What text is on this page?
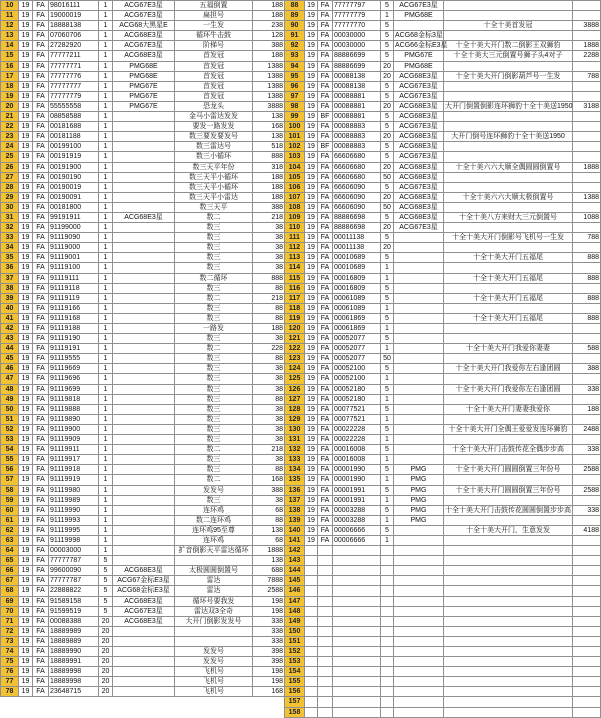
10	19	FA	98016111	1	ACG67E3星	五福倒置	188
11	19	FA	19000019	1	ACG67E3星	扁担号	188
12	19	FA	18888138	1	ACG68大黑星E	一生发	238
13	19	FA	07060706	1	ACG68E3星	循环牛击鼓	128
14	19	FA	27282920	1	ACG67E3星	阶梯号	388
15	19	FA	77777211	1	ACG68E3星	首发冠	188
16	19	FA	77777771	1	PMG68E	首发冠	1388
17	19	FA	77777776	1	PMG68E	首发冠	1388
18	19	FA	77777777	1	PMG67E	首发冠	1388
19	19	FA	77777779	1	PMG67E	首发冠	1388
20	19	FA	55555558	1	PMG67E	恐龙头	3888
21	19	FA	08858588	1		金马小雷达发发	138
22	19	FA	00181688	1		要发一路发发	168
23	19	FA	00181188	1		数三要发要发号	138
24	19	FA	00199100	1		数三雷达号	518
25	19	FA	00191919	1		数三小循环	888
26	19	FA	00191900	1		数三天平年份	318
27	19	FA	00190190	1		数三天平小循环	188
28	19	FA	00190019	1		数三天平小循环	188
29	19	FA	00190091	1		数三天平小雷达	188
30	19	FA	00181800	1		数三天平	388
31	19	FA	99191911	1	ACG68E3星	数二	218
32	19	FA	91199000	1		数三	38
33	19	FA	91119090	1		数三	38
34	19	FA	91119000	1		数三	38
35	19	FA	91119001	1		数三	38
36	19	FA	91119100	1		数三	38
37	19	FA	91119111	1		数二循环	888
38	19	FA	91119118	1		数三	88
39	19	FA	91119119	1		数二	218
40	19	FA	91119166	1		数三	88
41	19	FA	91119168	1		数三	88
42	19	FA	91119188	1		一路发	188
43	19	FA	91119190	1		数三	38
44	19	FA	91119191	1		数二	228
45	19	FA	91119555	1		数三	88
46	19	FA	91119669	1		数三	38
47	19	FA	91119696	1		数三	38
48	19	FA	91119699	1		数三	38
49	19	FA	91119818	1		数三	88
50	19	FA	91119888	1		数三	38
51	19	FA	91119890	1		数三	38
52	19	FA	91119900	1		数三	38
53	19	FA	91119909	1		数三	38
54	19	FA	91119911	1		数二	218
55	19	FA	91119917	1		数三	38
56	19	FA	91119918	1		数三	88
57	19	FA	91119919	1		数二	168
58	19	FA	91119980	1		发发号	388
59	19	FA	91119989	1		数三	38
60	19	FA	91119990	1		连环鸡	68
61	19	FA	91119993	1		数二连环鸡	88
62	19	FA	91119995	1		连环鸡95至尊	138
63	19	FA	91119998	1		连环鸡	68
64	19	FA	00003000	1		扩音倒影天平雷达循环	1888
65	19	FA	77777787	5			138
66	19	FA	99600090	5	ACG68E3星	太极圆圆倒置号	688
67	19	FA	77777787	5	ACG67金标E3星	雷达	7888
68	19	FA	22888822	5	ACG68金标E3星	雷达	2588
69	19	FA	91589158	5	ACG68E3星	循环号要我发	198
70	19	FA	91599519	5	ACG67E3星	雷达双3全奇	198
71	19	FA	00088388	20	ACG68E3星	大开门倒影发发号	338
72	19	FA	18889989	20			338
73	19	FA	18889889	20			338
74	19	FA	18889990	20		发发号	398
75	19	FA	18889991	20		发发号	398
76	19	FA	18889998	20		飞机号	198
77	19	FA	18889998	20		飞机号	198
78	19	FA	23648715	20		飞机号	168
88	19	FA	77777797	5	ACG67E3星		
89	19	FA	77777779	1	PMG68E		
90	19	FA	77777770	5		十全十美首发冠	3888
91	19	FA	00030000	5	ACG68金标3星		
92	19	FA	00030000	5	ACG66金标E3星	十全十美大开门数二倒影王双狮豹	1888
93	19	FA	88886699	5	PMG67E	十全十美大三元倒置号狮子头4对子	2288
94	19	FA	88886699	20	PMG68E		
95	19	FA	00088138	20	ACG68E3星	十全十美大开门倒影葫芦号一生发	788
96	19	FA	00088138	5	ACG67E3星		
97	19	FA	00088881	5	ACG67E3星		
98	19	FA	00088881	20	ACG68E3星	大开门倒置倒影连环狮豹十全十美送1950	3188
99	19	BF	00088881	5	ACG68E3星		
100	19	FA	00088883	5	ACG67E3星		
101	19	FA	00088883	20	ACG68E3星	大开门倒号连环狮豹十全十美送1950	
102	19	BF	00088883	5	ACG68E3星		
103	19	FA	66606680	5	ACG67E3星		
104	19	FA	66606680	20	ACG68E3星	十全十美六六大顺全偶圆圆倒置号	1888
105	19	FA	66606680	50	ACG68E3星		
106	19	FA	66606090	5	ACG67E3星		
107	19	FA	66606090	20	ACG68E3星	十全十美六六大顺太极倒置号	1388
108	19	FA	66606090	50	ACG68E3星		
109	19	FA	88886698	5	ACG68E3星	十全十美八方来财大三元倒置号	1088
110	19	FA	88886698	20	ACG67E3星		
111	19	FA	00011138	5		十全十美大开门倒影号飞机号一生发	788
112	19	FA	00011138	20			
113	19	FA	00010689	5		十全十美大开门五福尾	888
114	19	FA	00010689	1			
115	19	FA	00016809	1		十全十美大开门五福尾	888
116	19	FA	00016809	5			
117	19	FA	00061089	5		十全十美大开门五福尾	888
118	19	FA	00061089	1			
119	19	FA	00061869	5		十全十美大开门五福尾	888
120	19	FA	00061869	1			
121	19	FA	00052077	5			
122	19	FA	00052077	1		十全十美大开门我爱你妻妻	588
123	19	FA	00052077	50			
124	19	FA	00052100	5		十全十美大开门我爱你左右逢团圆	388
125	19	FA	00052100	1			
126	19	FA	00052180	5		十全十美大开门我爱你左右逢团圆	338
127	19	FA	00052180	1			
128	19	FA	00077521	5		十全十美大开门妻妻我爱你	188
129	19	FA	00077521	1			
130	19	FA	00022228	5		十全十美大开门全偶王爱爱发连环狮豹	2488
131	19	FA	00022228	1			
132	19	FA	00016008	5		十全十美大开门击鼓传花全偶步步高	338
133	19	FA	00016008	1			
134	19	FA	00001990	5	PMG	十全十美大开门圆圆倒置三年份号	2588
135	19	FA	00001990	1	PMG		
136	19	FA	00001991	5	PMG	十全十美大开门圆圆倒置三年份号	2588
137	19	FA	00001991	1	PMG		
138	19	FA	00003288	5	PMG	十全十美大开门击鼓传花圆圆倒置步步高	338
139	19	FA	00003288	1	PMG		
140	19	FA	00006666	5		十全十美大开门，生意发发	4188
141	19	FA	00006666	1			
142							
143							
144							
145							
146							
147							
148							
149							
150							
151							
152							
153							
154							
155							
156							
157							
158							
